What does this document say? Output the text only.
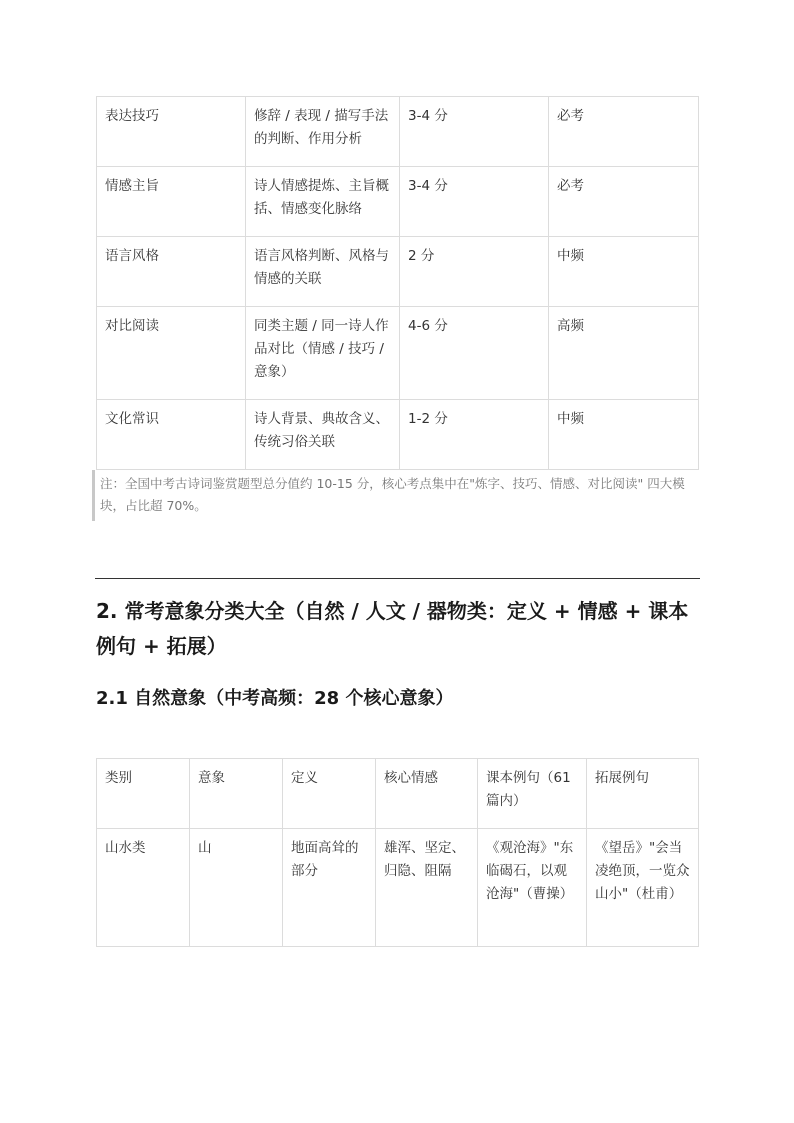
表达技巧	修辞 / 表现 / 描写手法的判断、作用分析	3-4 分	必考
情感主旨	诗人情感提炼、主旨概括、情感变化脉络	3-4 分	必考
语言风格	语言风格判断、风格与情感的关联	2 分	中频
对比阅读	同类主题 / 同一诗人作品对比（情感 / 技巧 / 意象）	4-6 分	高频
文化常识	诗人背景、典故含义、传统习俗关联	1-2 分	中频
注：全国中考古诗词鉴赏题型总分值约 10-15 分，核心考点集中在"炼字、技巧、情感、对比阅读" 四大模块，占比超 70%。
2. 常考意象分类大全（自然 / 人文 / 器物类：定义 + 情感 + 课本例句 + 拓展）
2.1 自然意象（中考高频：28 个核心意象）
类别	意象	定义	核心情感	课本例句（61 篇内）	拓展例句
山水类	山	地面高耸的部分	雄浑、坚定、归隐、阻隔	《观沧海》"东临碣石，以观沧海"（曹操）	《望岳》"会当凌绝顶，一览众山小"（杜甫）
